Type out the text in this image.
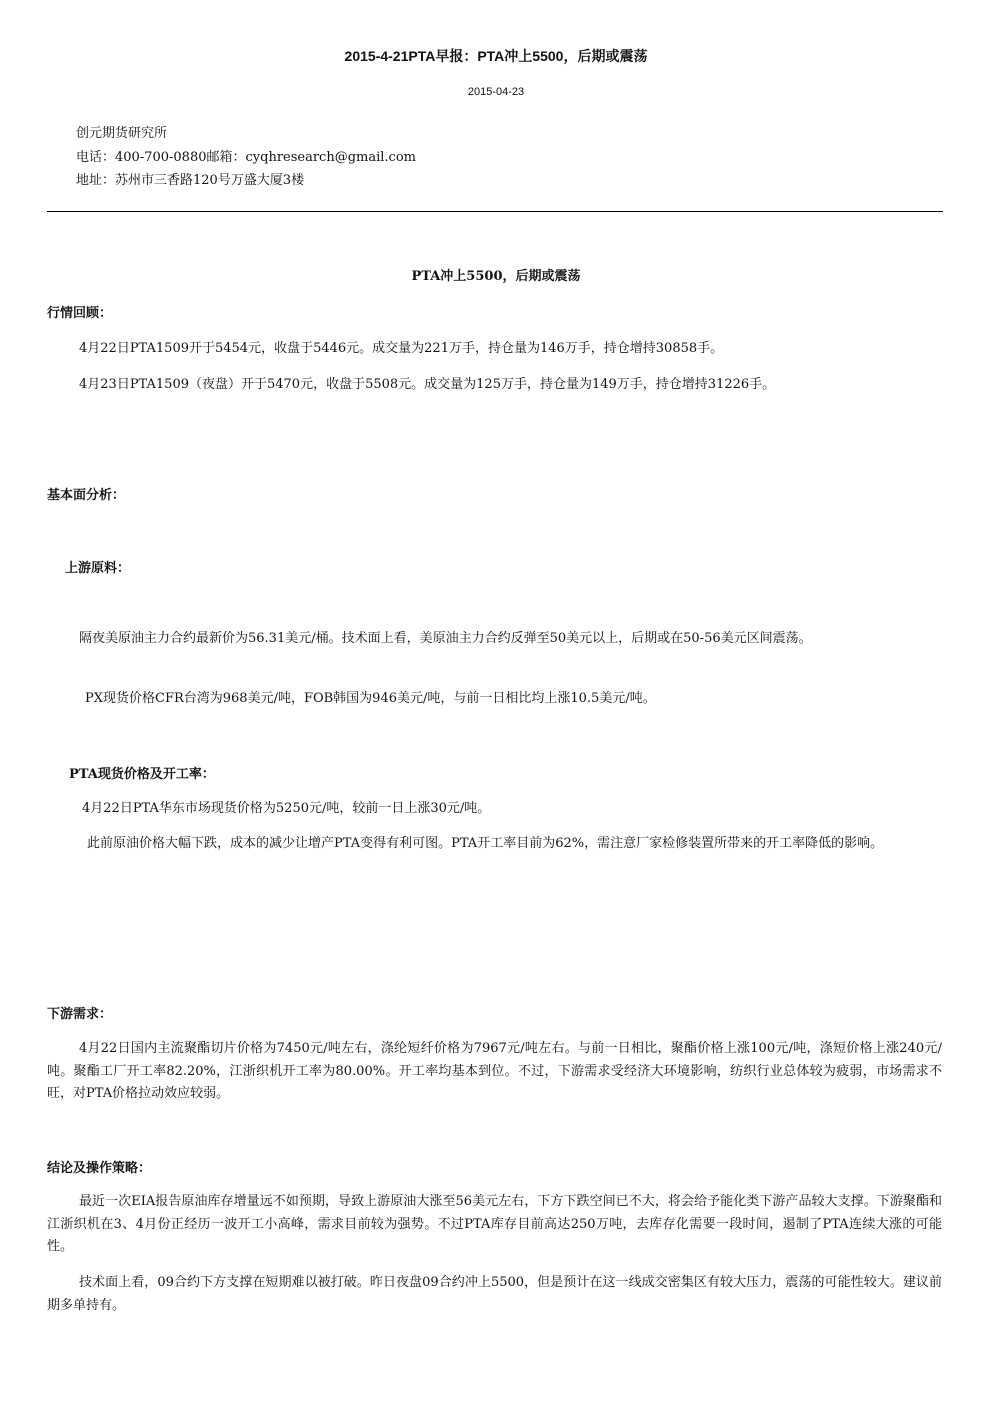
2015-4-21PTA早报：PTA冲上5500，后期或震荡
2015-04-23
创元期货研究所
电话：400-700-0880邮箱：cyqhresearch@gmail.com
地址：苏州市三香路120号万盛大厦3楼
PTA冲上5500，后期或震荡
行情回顾：
4月22日PTA1509开于5454元，收盘于5446元。成交量为221万手，持仓量为146万手，持仓增持30858手。
4月23日PTA1509（夜盘）开于5470元，收盘于5508元。成交量为125万手，持仓量为149万手，持仓增持31226手。
基本面分析：
上游原料：
隔夜美原油主力合约最新价为56.31美元/桶。技术面上看，美原油主力合约反弹至50美元以上，后期或在50-56美元区间震荡。
PX现货价格CFR台湾为968美元/吨，FOB韩国为946美元/吨，与前一日相比均上涨10.5美元/吨。
PTA现货价格及开工率：
4月22日PTA华东市场现货价格为5250元/吨，较前一日上涨30元/吨。
此前原油价格大幅下跌，成本的减少让增产PTA变得有利可图。PTA开工率目前为62%，需注意厂家检修装置所带来的开工率降低的影响。
下游需求：
4月22日国内主流聚酯切片价格为7450元/吨左右，涤纶短纤价格为7967元/吨左右。与前一日相比，聚酯价格上涨100元/吨，涤短价格上涨240元/吨。聚酯工厂开工率82.20%，江浙织机开工率为80.00%。开工率均基本到位。不过，下游需求受经济大环境影响，纺织行业总体较为疲弱，市场需求不旺，对PTA价格拉动效应较弱。
结论及操作策略：
最近一次EIA报告原油库存增量远不如预期，导致上游原油大涨至56美元左右，下方下跌空间已不大，将会给予能化类下游产品较大支撑。下游聚酯和江浙织机在3、4月份正经历一波开工小高峰，需求目前较为强势。不过PTA库存目前高达250万吨，去库存化需要一段时间，遏制了PTA连续大涨的可能性。
技术面上看，09合约下方支撑在短期难以被打破。昨日夜盘09合约冲上5500，但是预计在这一线成交密集区有较大压力，震荡的可能性较大。建议前期多单持有。
